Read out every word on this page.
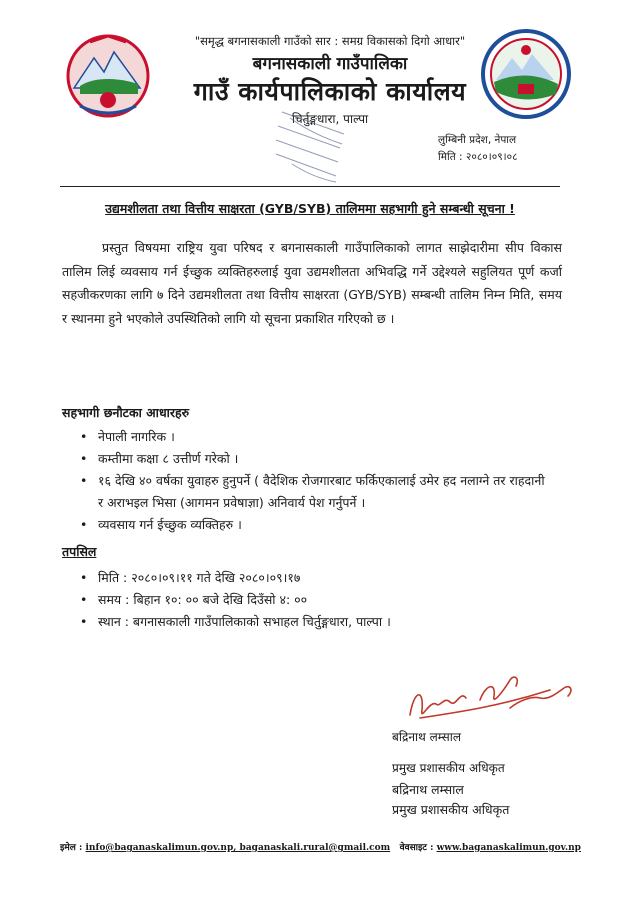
"समृद्ध बगनासकाली गाउँको सार : समग्र विकासको दिगो आधार"
बगनासकाली गाउँपालिका
गाउँ कार्यपालिकाको कार्यालय
चिर्तुङ्गधारा, पाल्पा
लुम्बिनी प्रदेश, नेपाल
मिति : २०८०।०९।०८
उद्यमशीलता तथा वित्तीय साक्षरता (GYB/SYB) तालिममा सहभागी हुने सम्बन्धी सूचना !
प्रस्तुत विषयमा राष्ट्रिय युवा परिषद र बगनासकाली गाउँपालिकाको लागत साझेदारीमा सीप विकास तालिम लिई व्यवसाय गर्न ईच्छुक व्यक्तिहरुलाई युवा उद्यमशीलता अभिवद्धि गर्ने उद्देश्यले सहुलियत पूर्ण कर्जा सहजीकरणका लागि ७ दिने उद्यमशीलता तथा वित्तीय साक्षरता (GYB/SYB) सम्बन्धी तालिम निम्न मिति, समय र स्थानमा हुने भएकोले उपस्थितिको लागि यो सूचना प्रकाशित गरिएको छ ।
सहभागी छनौटका आधारहरु
• नेपाली नागरिक ।
• कम्तीमा कक्षा ८ उत्तीर्ण गरेको ।
• १६ देखि ४० वर्षका युवाहरु हुनुपर्ने ( वैदेशिक रोजगारबाट फर्किएकालाई उमेर हद नलाग्ने तर राहदानी र अराभइल भिसा (आगमन प्रवेषाज्ञा) अनिवार्य पेश गर्नुपर्ने ।
• व्यवसाय गर्न ईच्छुक व्यक्तिहरु ।
तपसिल
• मिति : २०८०।०९।११ गते देखि २०८०।०९।१७
• समय : बिहान १०: ०० बजे देखि दिउँसो ४: ००
• स्थान : बगनासकाली गाउँपालिकाको सभाहल चिर्तुङ्गधारा, पाल्पा ।
बद्रिनाथ लम्साल
प्रमुख प्रशासकीय अधिकृत
बद्रिनाथ लम्साल
प्रमुख प्रशासकीय अधिकृत
इमेल : info@baganaskalimun.gov.np, baganaskali.rural@gmail.com वेवसाइट : www.baganaskalimun.gov.np
